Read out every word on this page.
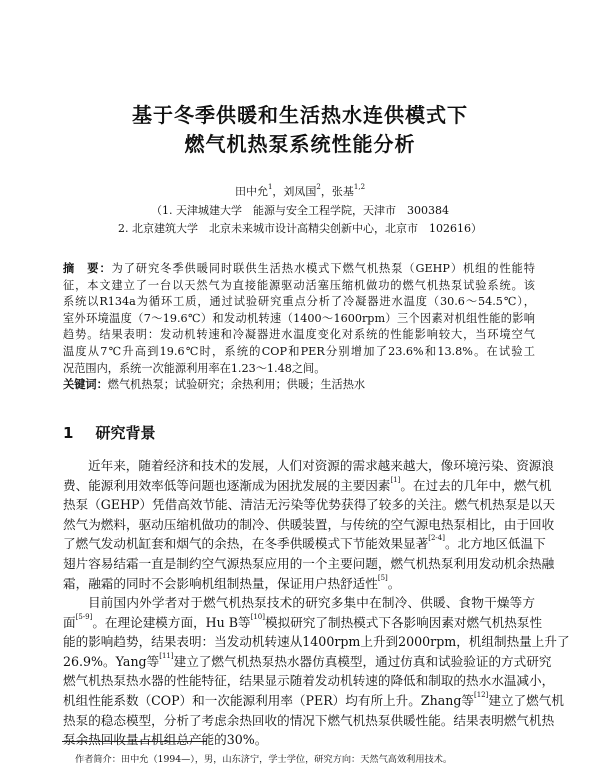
基于冬季供暖和生活热水连供模式下
燃气机热泵系统性能分析
田中允$^1$，刘凤国$^2$，张基$^{1,2}$
（1. 天津城建大学　能源与安全工程学院，天津市　300384
2. 北京建筑大学　北京未来城市设计高精尖创新中心，北京市　102616）
摘　要：为了研究冬季供暖同时联供生活热水模式下燃气机热泵（GEHP）机组的性能特
征，本文建立了一台以天然气为直接能源驱动活塞压缩机做功的燃气机热泵试验系统。该
系统以R134a为循环工质，通过试验研究重点分析了冷凝器进水温度（30.6～54.5℃），
室外环境温度（7～19.6℃）和发动机转速（1400～1600rpm）三个因素对机组性能的影响
趋势。结果表明：发动机转速和冷凝器进水温度变化对系统的性能影响较大，当环境空气
温度从7℃升高到19.6℃时，系统的COP和PER分别增加了23.6%和13.8%。在试验工
况范围内，系统一次能源利用率在1.23～1.48之间。
关键词：燃气机热泵；试验研究；余热利用；供暖；生活热水
1 研究背景
近年来，随着经济和技术的发展，人们对资源的需求越来越大，像环境污染、资源浪
费、能源利用效率低等问题也逐渐成为困扰发展的主要因素[1]。在过去的几年中，燃气机
热泵（GEHP）凭借高效节能、清洁无污染等优势获得了较多的关注。燃气机热泵是以天
然气为燃料，驱动压缩机做功的制冷、供暖装置，与传统的空气源电热泵相比，由于回收
了燃气发动机缸套和烟气的余热，在冬季供暖模式下节能效果显著[2-4]。北方地区低温下
翅片容易结霜一直是制约空气源热泵应用的一个主要问题，燃气机热泵利用发动机余热融
霜，融霜的同时不会影响机组制热量，保证用户热舒适性[5]。
目前国内外学者对于燃气机热泵技术的研究多集中在制冷、供暖、食物干燥等方
面[5-9]。在理论建模方面，Hu B等[10]模拟研究了制热模式下各影响因素对燃气机热泵性
能的影响趋势，结果表明：当发动机转速从1400rpm上升到2000rpm，机组制热量上升了
26.9%。Yang等[11]建立了燃气机热泵热水器仿真模型，通过仿真和试验验证的方式研究
燃气机热泵热水器的性能特征，结果显示随着发动机转速的降低和制取的热水水温减小，
机组性能系数（COP）和一次能源利用率（PER）均有所上升。Zhang等[12]建立了燃气机
热泵的稳态模型，分析了考虑余热回收的情况下燃气机热泵供暖性能。结果表明燃气机热
泵余热回收量占机组总产能的30%。
作者简介：田中允（1994—），男，山东济宁，学士学位，研究方向：天然气高效利用技术。
